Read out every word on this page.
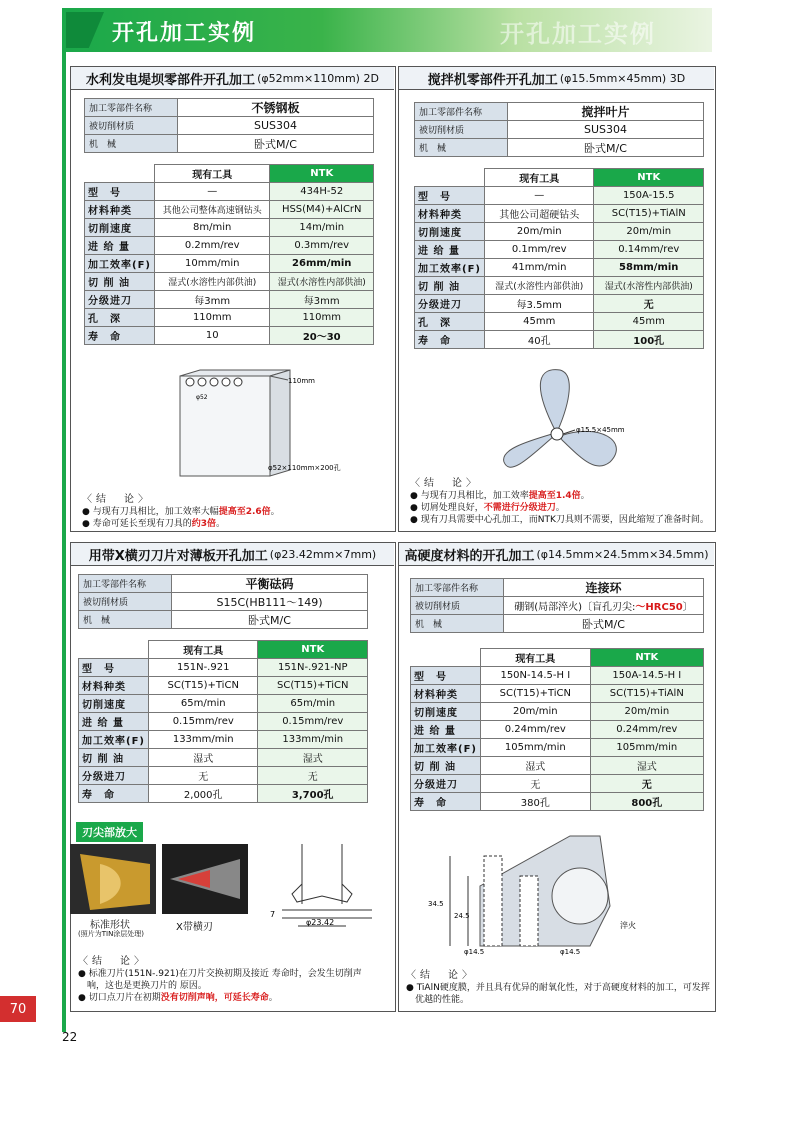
开孔加工实例	开孔加工实例
水利发电堤坝零部件开孔加工 (φ52mm×110mm) 2D
加工零部件名称	不锈钢板
被切削材质	SUS304
机　械	卧式M/C
	现有工具	NTK
型　号	—	434H-52
材料种类	其他公司整体高速钢钻头	HSS(M4)+AlCrN
切削速度	8m/min	14m/min
进 给 量	0.2mm/rev	0.3mm/rev
加工效率(F)	10mm/min	26mm/min
切 削 油	湿式(水溶性内部供油)	湿式(水溶性内部供油)
分级进刀	每3mm	每3mm
孔　深	110mm	110mm
寿　命	10	20～30
110mm
φ52
φ52×110mm×200孔
〈结　论〉
● 与现有刀具相比，加工效率大幅提高至2.6倍。
● 寿命可延长至现有刀具的约3倍。
搅拌机零部件开孔加工 (φ15.5mm×45mm) 3D
加工零部件名称	搅拌叶片
被切削材质	SUS304
机　械	卧式M/C
	现有工具	NTK
型　号	—	150A-15.5
材料种类	其他公司超硬钻头	SC(T15)+TiAlN
切削速度	20m/min	20m/min
进 给 量	0.1mm/rev	0.14mm/rev
加工效率(F)	41mm/min	58mm/min
切 削 油	湿式(水溶性内部供油)	湿式(水溶性内部供油)
分级进刀	每3.5mm	无
孔　深	45mm	45mm
寿　命	40孔	100孔
φ15.5×45mm
〈结　论〉
● 与现有刀具相比，加工效率提高至1.4倍。
● 切屑处理良好，不需进行分级进刀。
● 现有刀具需要中心孔加工，而NTK刀具则不需要，因此缩短了准备时间。
用带X横刃刀片对薄板开孔加工 (φ23.42mm×7mm)
加工零部件名称	平衡砝码
被切削材质	S15C(HB111～149)
机　械	卧式M/C
	现有工具	NTK
型　号	151N-.921	151N-.921-NP
材料种类	SC(T15)+TiCN	SC(T15)+TiCN
切削速度	65m/min	65m/min
进 给 量	0.15mm/rev	0.15mm/rev
加工效率(F)	133mm/min	133mm/min
切 削 油	湿式	湿式
分级进刀	无	无
寿　命	2,000孔	3,700孔
刃尖部放大
标准形状
(照片为TIN涂层处理)
X带横刃
7
φ23.42
〈结　论〉
● 标准刀片(151N-.921)在刀片交换初期及接近 寿命时，会发生切削声
　响，这也是更换刀片的 原因。
● 切口点刀片在初期没有切削声响，可延长寿命。
高硬度材料的开孔加工 (φ14.5mm×24.5mm×34.5mm)
加工零部件名称	连接环
被切削材质	硼钢(局部淬火)〔盲孔刃尖:～HRC50〕
机　械	卧式M/C
	现有工具	NTK
型　号	150N-14.5-H I	150A-14.5-H I
材料种类	SC(T15)+TiCN	SC(T15)+TiAlN
切削速度	20m/min	20m/min
进 给 量	0.24mm/rev	0.24mm/rev
加工效率(F)	105mm/min	105mm/min
切 削 油	湿式	湿式
分级进刀	无	无
寿　命	380孔	800孔
34.5
24.5
φ14.5	φ14.5
淬火
〈结　论〉
● TiAlN硬度膜，并且具有优异的耐氧化性，对于高硬度材料的加工，可发挥
　优越的性能。
70
22
